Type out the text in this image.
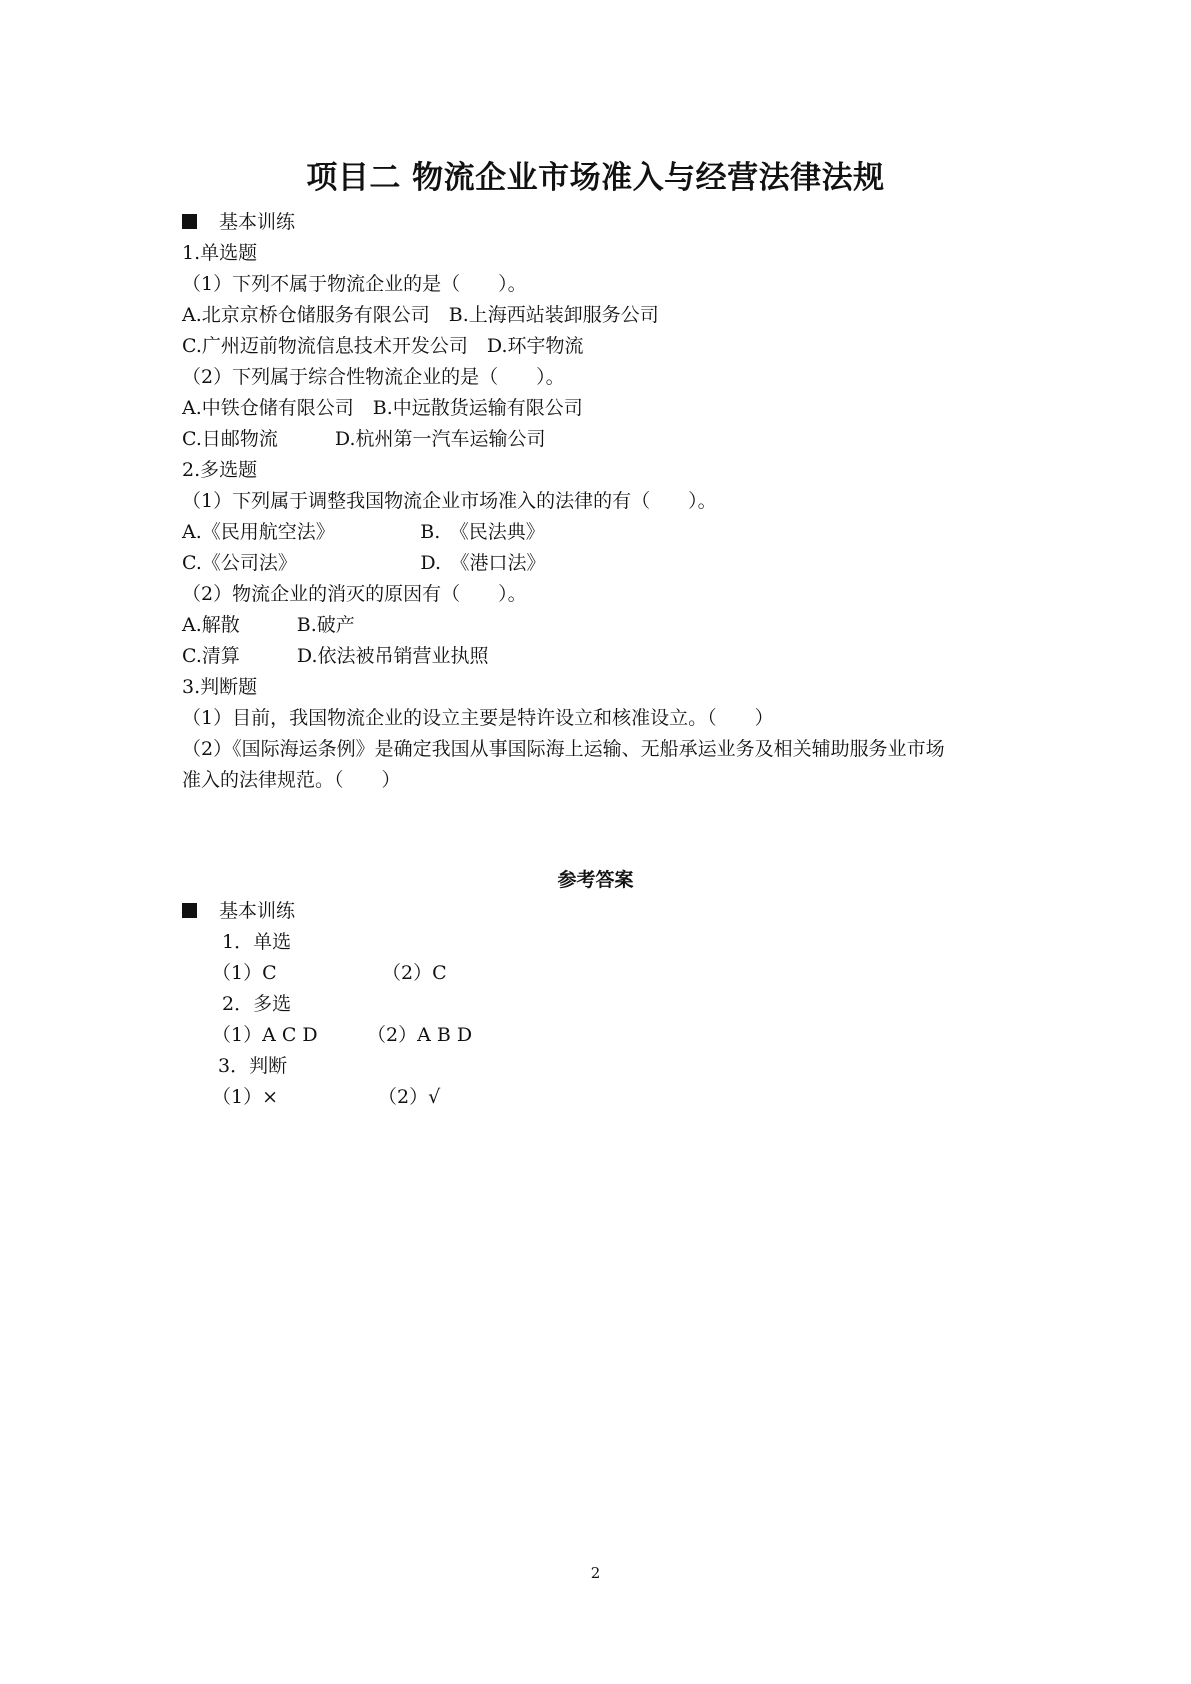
项目二 物流企业市场准入与经营法律法规
基本训练
1.单选题
（1）下列不属于物流企业的是（　　）。
A.北京京桥仓储服务有限公司　B.上海西站装卸服务公司
C.广州迈前物流信息技术开发公司　D.环宇物流
（2）下列属于综合性物流企业的是（　　）。
A.中铁仓储有限公司　B.中远散货运输有限公司
C.日邮物流　　　D.杭州第一汽车运输公司
2.多选题
（1）下列属于调整我国物流企业市场准入的法律的有（　　）。
A.《民用航空法》　　　　　B.　《民法典》
C.《公司法》　　　　　　　D.　《港口法》
（2）物流企业的消灭的原因有（　　）。
A.解散　　　B.破产
C.清算　　　D.依法被吊销营业执照
3.判断题
（1）目前，我国物流企业的设立主要是特许设立和核准设立。（　　）
（2）《国际海运条例》是确定我国从事国际海上运输、无船承运业务及相关辅助服务业市场
准入的法律规范。（　　）
参考答案
基本训练
1．单选
（1）C	（2）C
2．多选
（1）A C D	（2）A B D
3．判断
（1）×	（2）√
2
